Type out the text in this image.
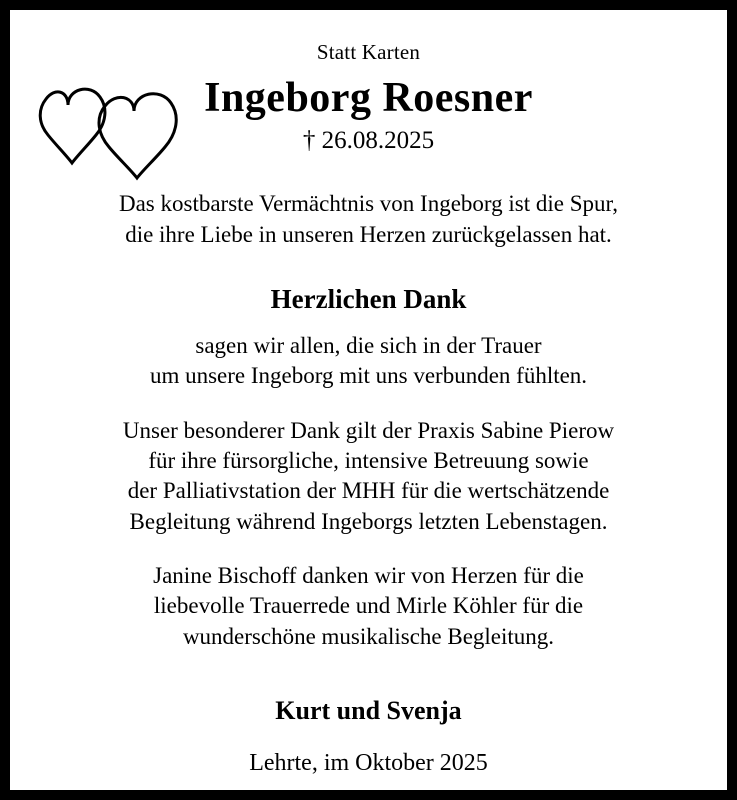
Statt Karten
Ingeborg Roesner
† 26.08.2025

Das kostbarste Vermächtnis von Ingeborg ist die Spur,
die ihre Liebe in unseren Herzen zurückgelassen hat.

Herzlichen Dank

sagen wir allen, die sich in der Trauer
um unsere Ingeborg mit uns verbunden fühlten.

Unser besonderer Dank gilt der Praxis Sabine Pierow
für ihre fürsorgliche, intensive Betreuung sowie
der Palliativstation der MHH für die wertschätzende
Begleitung während Ingeborgs letzten Lebenstagen.

Janine Bischoff danken wir von Herzen für die
liebevolle Trauerrede und Mirle Köhler für die
wunderschöne musikalische Begleitung.

Kurt und Svenja
Lehrte, im Oktober 2025
